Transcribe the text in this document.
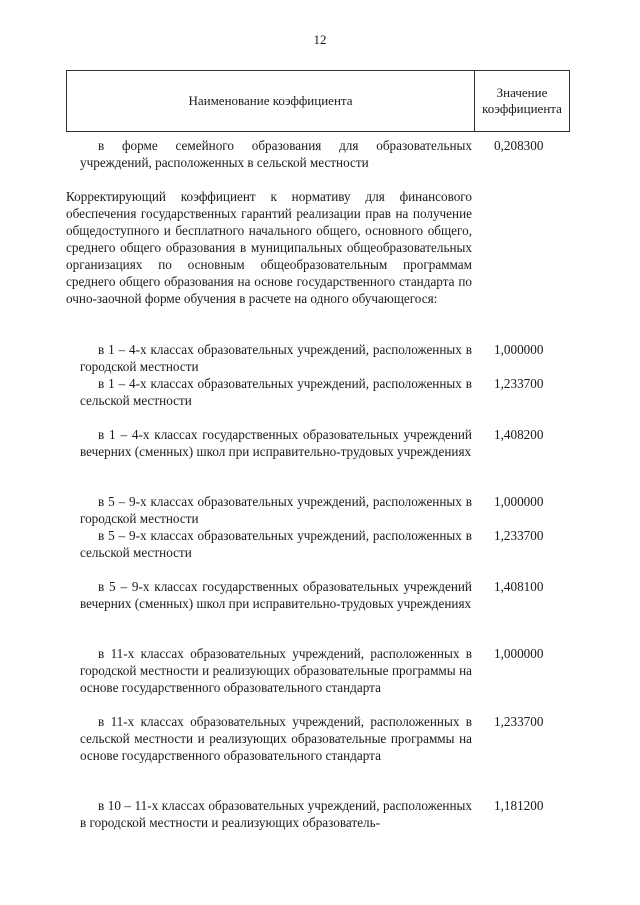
12
Наименование коэффициента
Значение
коэффициента
в форме семейного образования для образовательных учреждений, расположенных в сельской местности
0,208300
Корректирующий коэффициент к нормативу для финансового обеспечения государственных гарантий реализации прав на получение общедоступного и бесплатного начального общего, основного общего, среднего общего образования в муниципальных общеобразовательных организациях по основным общеобразовательным программам среднего общего образования на основе государственного стандарта по очно-заочной форме обучения в расчете на одного обучающегося:
в 1 – 4-х классах образовательных учреждений, расположенных в городской местности
1,000000
в 1 – 4-х классах образовательных учреждений, расположенных в сельской местности
1,233700
в 1 – 4-х классах государственных образовательных учреждений вечерних (сменных) школ при исправительно-трудовых учреждениях
1,408200
в 5 – 9-х классах образовательных учреждений, расположенных в городской местности
1,000000
в 5 – 9-х классах образовательных учреждений, расположенных в сельской местности
1,233700
в 5 – 9-х классах государственных образовательных учреждений вечерних (сменных) школ при исправительно-трудовых учреждениях
1,408100
в 11-х классах образовательных учреждений, расположенных в городской местности и реализующих образовательные программы на основе государственного образовательного стандарта
1,000000
в 11-х классах образовательных учреждений, расположенных в сельской местности и реализующих образовательные программы на основе государственного образовательного стандарта
1,233700
в 10 – 11-х классах образовательных учреждений, расположенных в городской местности и реализующих образователь-
1,181200
